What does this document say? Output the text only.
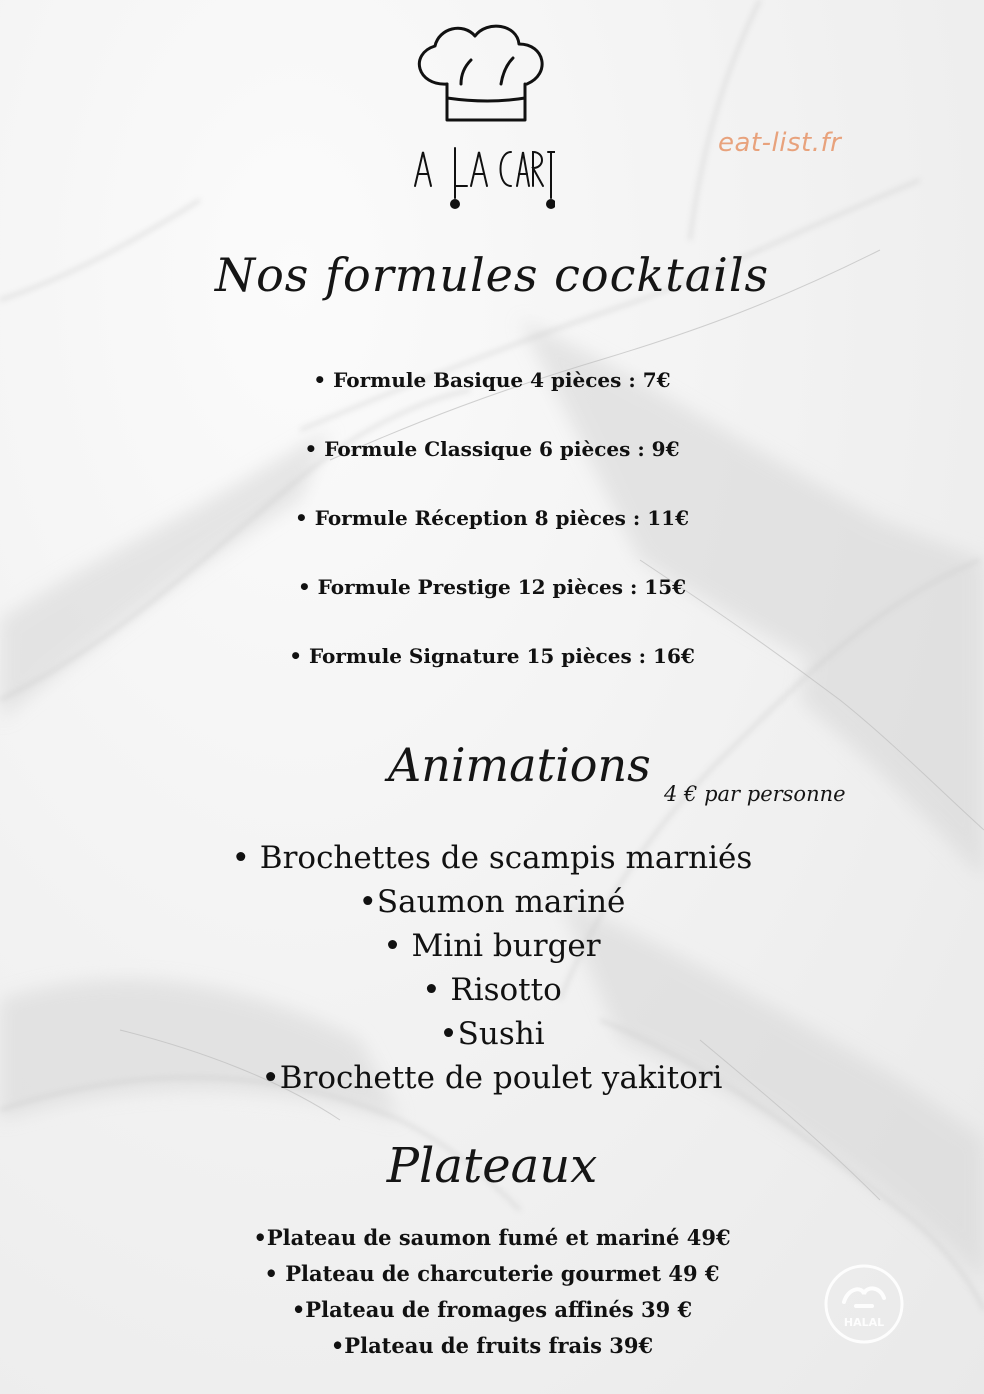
eat-list.fr
Nos formules cocktails
• Formule Basique 4 pièces : 7€
• Formule Classique 6 pièces : 9€
• Formule Réception 8 pièces : 11€
• Formule Prestige 12 pièces : 15€
• Formule Signature 15 pièces : 16€
Animations
4 € par personne
• Brochettes de scampis marniés
•Saumon mariné
• Mini burger
• Risotto
•Sushi
•Brochette de poulet yakitori
Plateaux
•Plateau de saumon fumé et mariné 49€
• Plateau de charcuterie gourmet 49 €
•Plateau de fromages affinés 39 €
•Plateau de fruits frais 39€
HALAL
